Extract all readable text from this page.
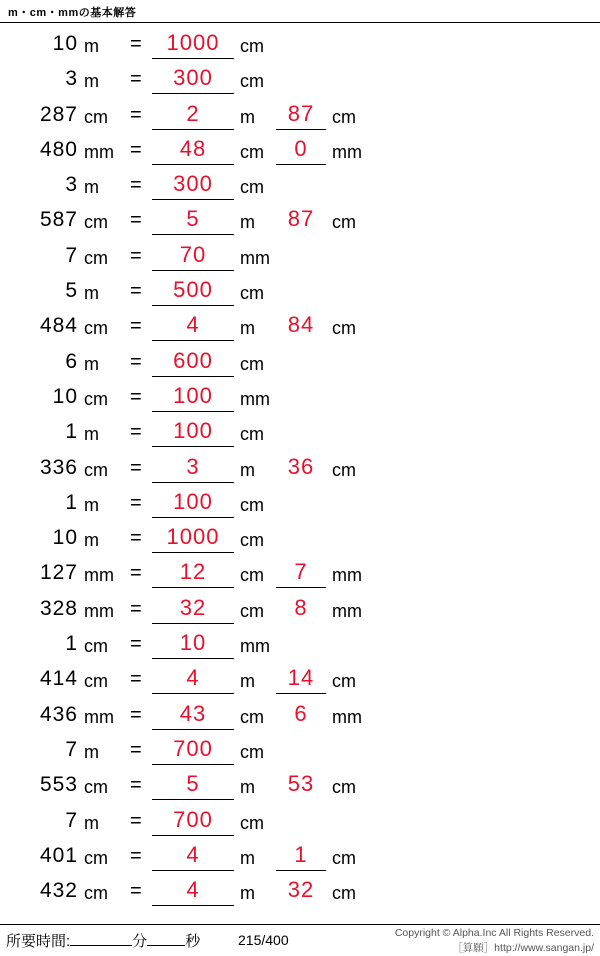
m・cm・mmの基本解答
10 m	=	1000	cm
3 m	=	300	cm
287 cm	=	2	m	87 cm
480 mm =	48	cm	0	mm
3 m	=	300	cm
587 cm	=	5	m	87 cm
7 cm	=	70	mm
5 m	=	500	cm
484 cm	=	4	m	84 cm
6 m	=	600	cm
10 cm	=	100	mm
1 m	=	100	cm
336 cm	=	3	m	36 cm
1 m	=	100	cm
10 m	=	1000	cm
127 mm =	12	cm	7	mm
328 mm =	32	cm	8	mm
1 cm	=	10	mm
414 cm	=	4	m	14 cm
436 mm =	43	cm	6	mm
7 m	=	700	cm
553 cm	=	5	m	53 cm
7 m	=	700	cm
401 cm	=	4	m	1	cm
432 cm	=	4	m	32 cm
所要時間:	分	秒	215/400	Copyright © Alpha.Inc All Rights Reserved.
［算願］http://www.sangan.jp/
